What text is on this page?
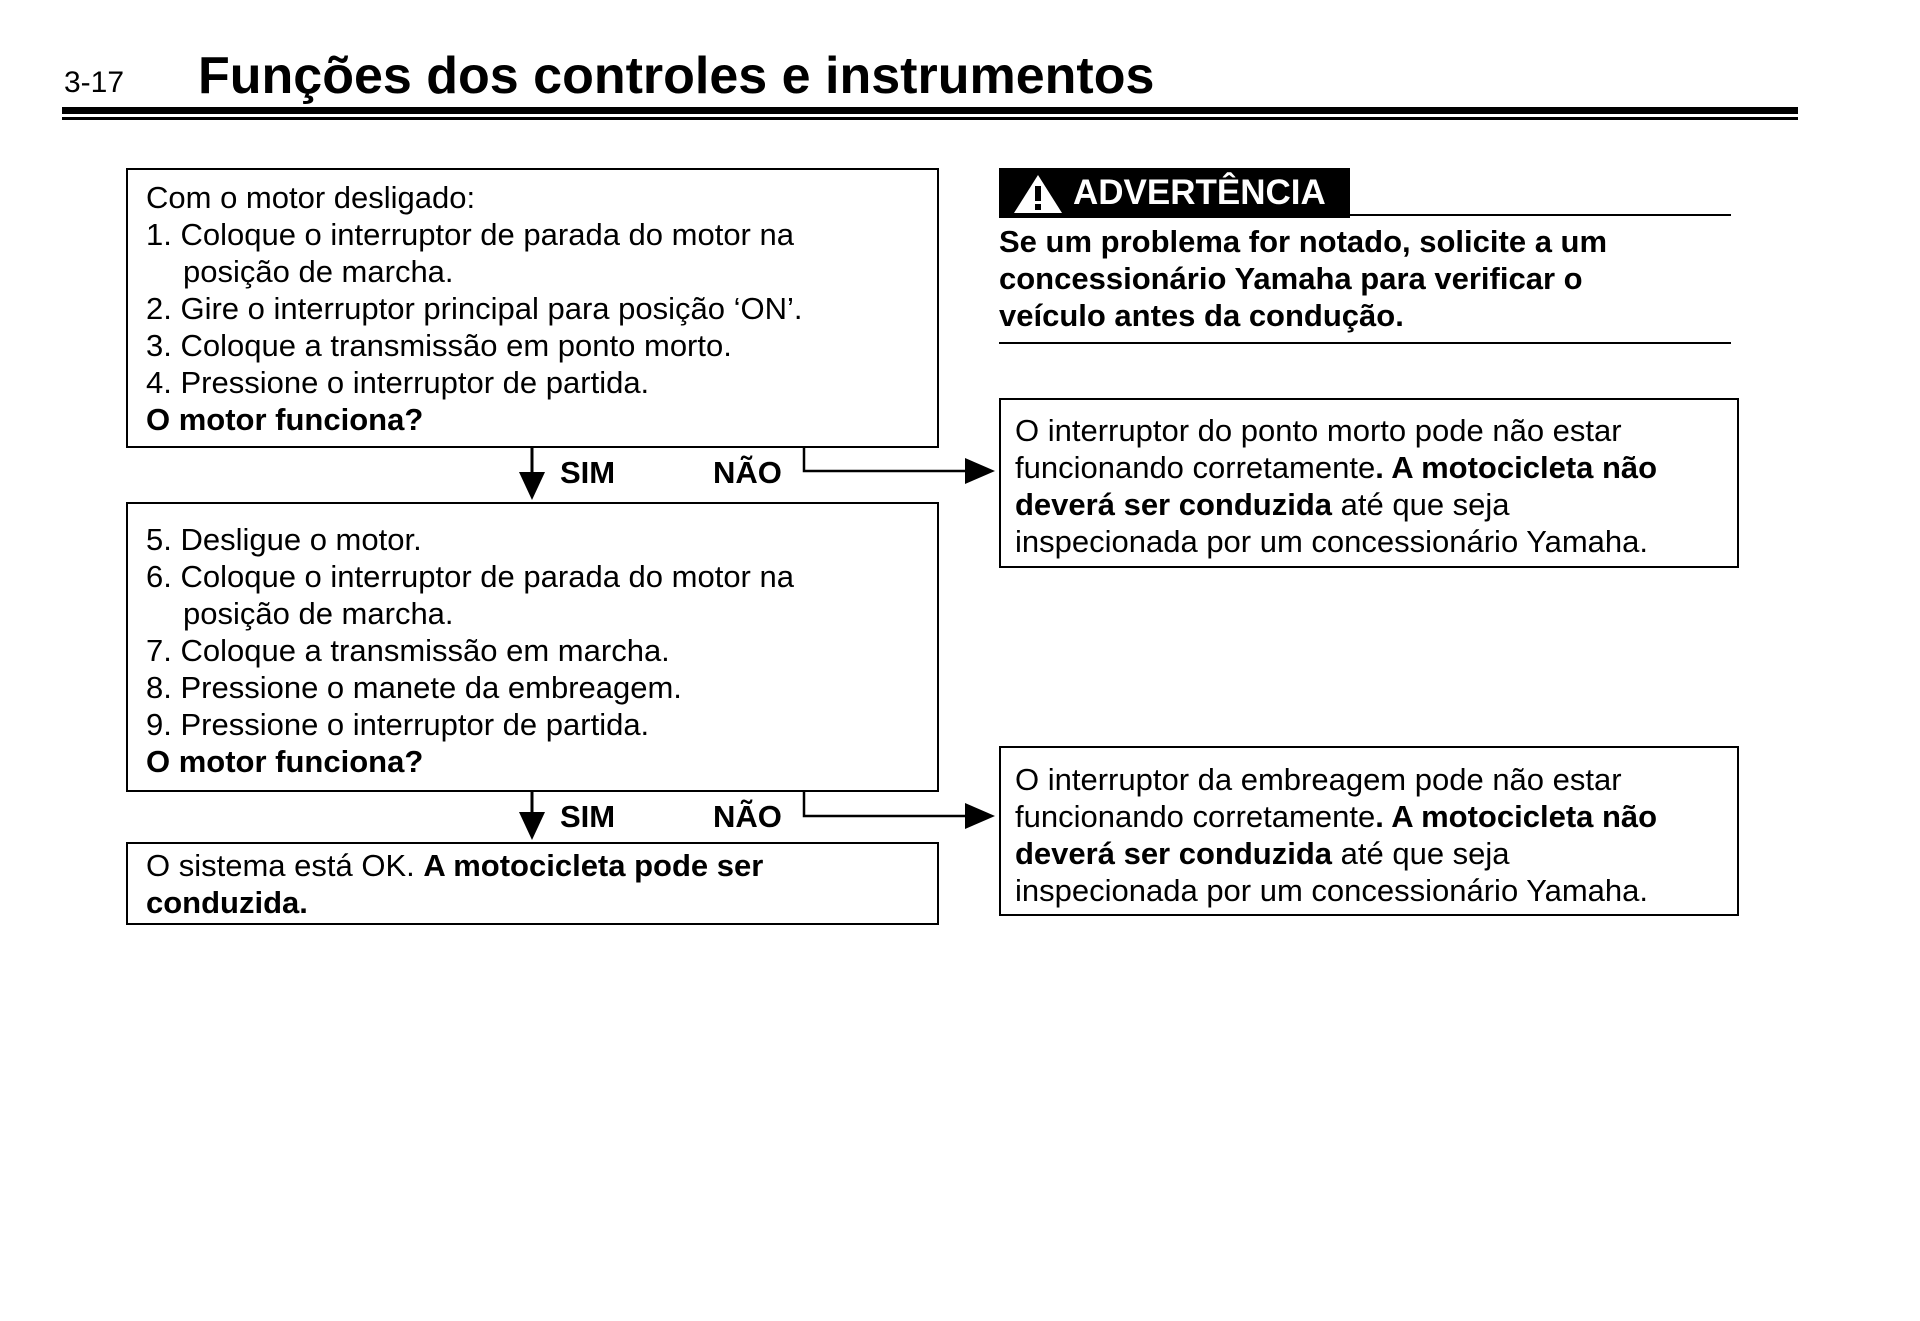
3-17 Funções dos controles e instrumentos
Com o motor desligado:
1. Coloque o interruptor de parada do motor na
posição de marcha.
2. Gire o interruptor principal para posição ‘ON’.
3. Coloque a transmissão em ponto morto.
4. Pressione o interruptor de partida.
O motor funciona?
SIM	NÃO
5. Desligue o motor.
6. Coloque o interruptor de parada do motor na
posição de marcha.
7. Coloque a transmissão em marcha.
8. Pressione o manete da embreagem.
9. Pressione o interruptor de partida.
O motor funciona?
SIM	NÃO
O sistema está OK. A motocicleta pode ser
conduzida.
O interruptor do ponto morto pode não estar
funcionando corretamente. A motocicleta não
deverá ser conduzida até que seja
inspecionada por um concessionário Yamaha.
O interruptor da embreagem pode não estar
funcionando corretamente. A motocicleta não
deverá ser conduzida até que seja
inspecionada por um concessionário Yamaha.
ADVERTÊNCIA
Se um problema for notado, solicite a um
concessionário Yamaha para verificar o
veículo antes da condução.
